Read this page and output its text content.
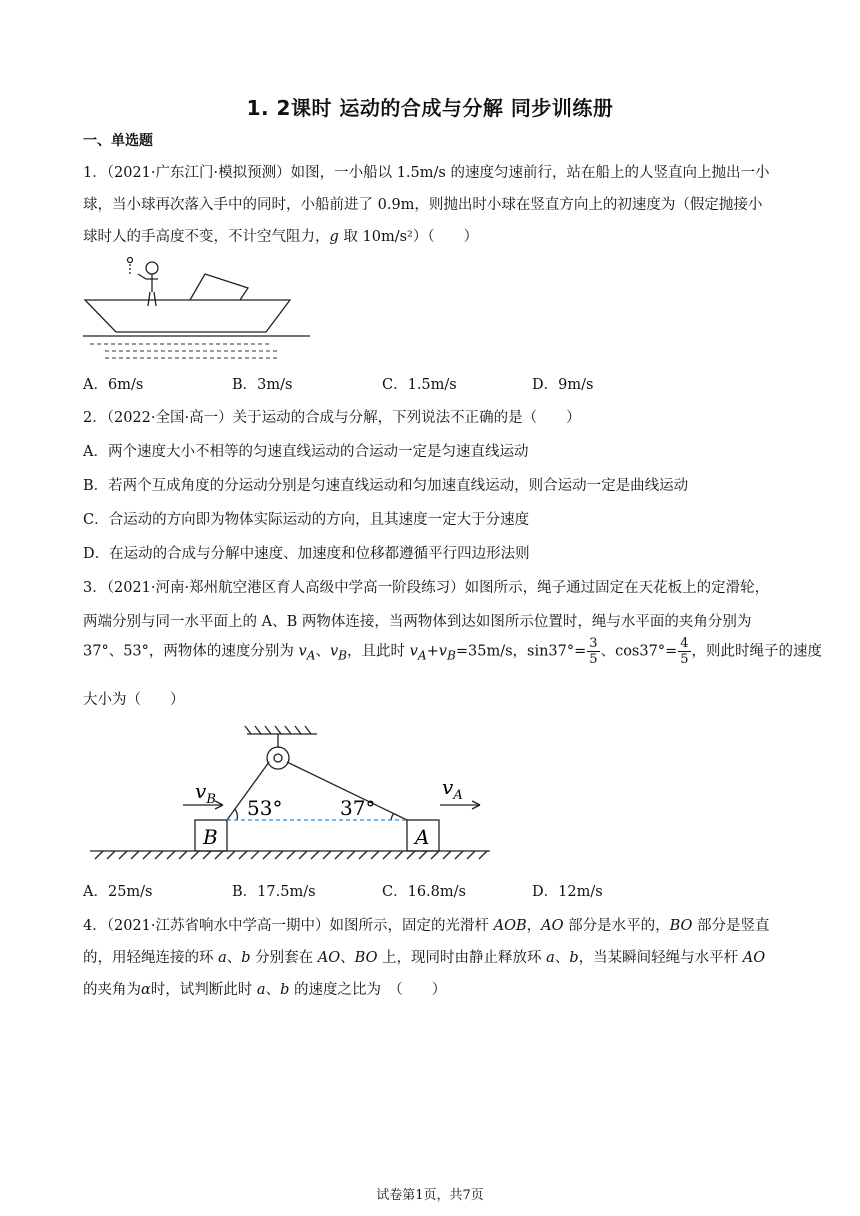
1. 2课时 运动的合成与分解 同步训练册
一、单选题
1．（2021·广东江门·模拟预测）如图，一小船以 1.5m/s 的速度匀速前行，站在船上的人竖直向上抛出一小
球，当小球再次落入手中的同时，小船前进了 0.9m，则抛出时小球在竖直方向上的初速度为（假定抛接小
球时人的手高度不变，不计空气阻力，g 取 10m/s²）（　　）
A．6m/s	B．3m/s	C．1.5m/s	D．9m/s
2．（2022·全国·高一）关于运动的合成与分解，下列说法不正确的是（　　）
A．两个速度大小不相等的匀速直线运动的合运动一定是匀速直线运动
B．若两个互成角度的分运动分别是匀速直线运动和匀加速直线运动，则合运动一定是曲线运动
C．合运动的方向即为物体实际运动的方向，且其速度一定大于分速度
D．在运动的合成与分解中速度、加速度和位移都遵循平行四边形法则
3．（2021·河南·郑州航空港区育人高级中学高一阶段练习）如图所示，绳子通过固定在天花板上的定滑轮，
两端分别与同一水平面上的 A、B 两物体连接，当两物体到达如图所示位置时，绳与水平面的夹角分别为
37°、53°，两物体的速度分别为 $v_A$、$v_B$，且此时 $v_A+v_B=35m/s$，$\sin 37^\circ= \frac{3}{5}$ 、$\cos 37^\circ= \frac{4}{5}$ ，则此时绳子的速度
大小为（　　）
53°	37°
B	A
$v_B$
$v_A$
A．25m/s	B．17.5m/s	C．16.8m/s	D．12m/s
4．（2021·江苏省响水中学高一期中）如图所示，固定的光滑杆 AOB，AO 部分是水平的，BO 部分是竖直
的，用轻绳连接的环 a、b 分别套在 AO、BO 上，现同时由静止释放环 a、b，当某瞬间轻绳与水平杆 AO
的夹角为α时，试判断此时 a、b 的速度之比为　（　　）
试卷第1页，共7页
